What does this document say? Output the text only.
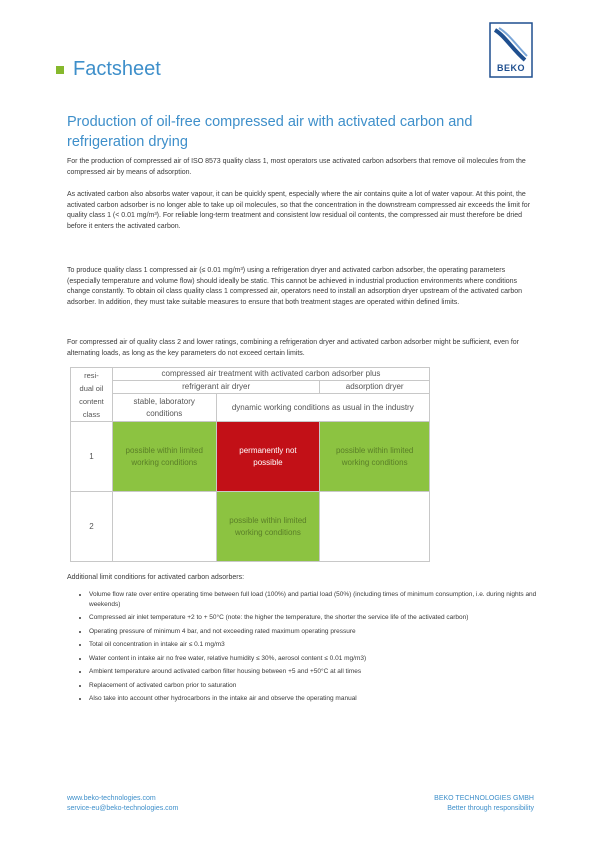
BEKO
Factsheet
Production of oil-free compressed air with activated carbon and refrigeration drying
For the production of compressed air of ISO 8573 quality class 1, most operators use activated carbon adsorbers that remove oil molecules from the compressed air by means of adsorption.
As activated carbon also absorbs water vapour, it can be quickly spent, especially where the air contains quite a lot of water vapour. At this point, the activated carbon adsorber is no longer able to take up oil molecules, so that the concentration in the downstream compressed air exceeds the limit for quality class 1 (< 0.01 mg/m³). For reliable long-term treatment and consistent low residual oil contents, the compressed air must therefore be dried before it enters the activated carbon.
To produce quality class 1 compressed air (≤ 0.01 mg/m³) using a refrigeration dryer and activated carbon adsorber, the operating parameters (especially temperature and volume flow) should ideally be static. This cannot be achieved in industrial production environments where conditions change constantly. To obtain oil class quality class 1 compressed air, operators need to install an adsorption dryer upstream of the activated carbon adsorber. In addition, they must take suitable measures to ensure that both treatment stages are operated within defined limits.
For compressed air of quality class 2 and lower ratings, combining a refrigeration dryer and activated carbon adsorber might be sufficient, even for alternating loads, as long as the key parameters do not exceed certain limits.
resi-
dual oil
content
class	compressed air treatment with activated carbon adsorber plus		
	refrigerant air dryer		adsorption dryer
	stable, laboratory conditions	dynamic working conditions as usual in the industry	
1	possible within limited working conditions	permanently not possible	possible within limited working conditions
2		possible within limited working conditions	
Additional limit conditions for activated carbon adsorbers:
• Volume flow rate over entire operating time between full load (100%) and partial load (50%) (including times of minimum consumption, i.e. during nights and weekends)
• Compressed air inlet temperature +2 to + 50°C (note: the higher the temperature, the shorter the service life of the activated carbon)
• Operating pressure of minimum 4 bar, and not exceeding rated maximum operating pressure
• Total oil concentration in intake air ≤ 0.1 mg/m3
• Water content in intake air no free water, relative humidity ≤ 30%, aerosol content ≤ 0.01 mg/m3)
• Ambient temperature around activated carbon filter housing between +5 and +50°C at all times
• Replacement of activated carbon prior to saturation
• Also take into account other hydrocarbons in the intake air and observe the operating manual
www.beko-technologies.com
service-eu@beko-technologies.com
BEKO TECHNOLOGIES GMBH
Better through responsibility
